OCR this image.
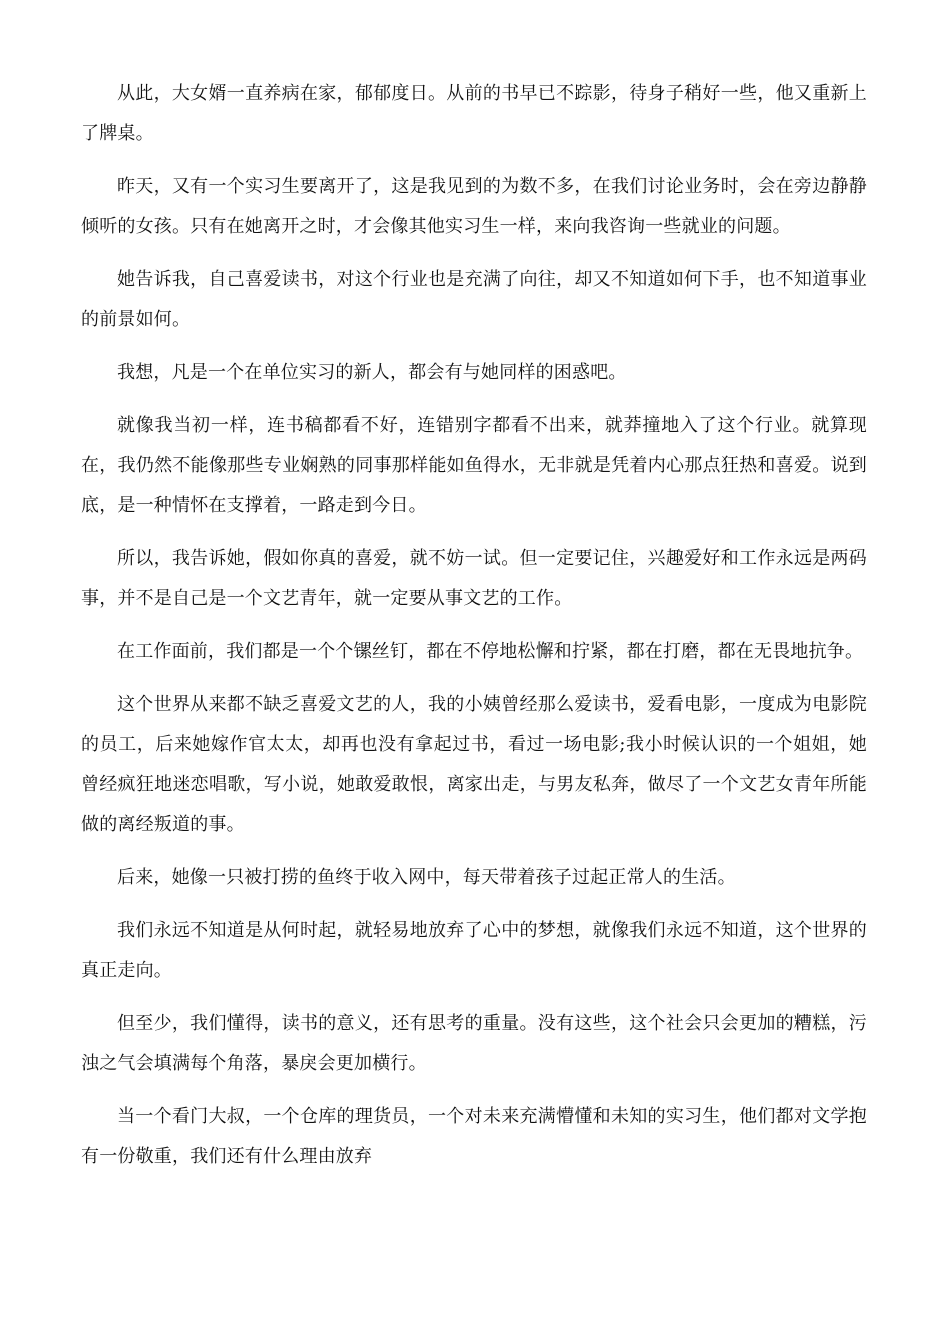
从此，大女婿一直养病在家，郁郁度日。从前的书早已不踪影，待身子稍好一些，他又重新上了牌桌。

昨天，又有一个实习生要离开了，这是我见到的为数不多，在我们讨论业务时，会在旁边静静倾听的女孩。只有在她离开之时，才会像其他实习生一样，来向我咨询一些就业的问题。

她告诉我，自己喜爱读书，对这个行业也是充满了向往，却又不知道如何下手，也不知道事业的前景如何。

我想，凡是一个在单位实习的新人，都会有与她同样的困惑吧。

就像我当初一样，连书稿都看不好，连错别字都看不出来，就莽撞地入了这个行业。就算现在，我仍然不能像那些专业娴熟的同事那样能如鱼得水，无非就是凭着内心那点狂热和喜爱。说到底，是一种情怀在支撑着，一路走到今日。

所以，我告诉她，假如你真的喜爱，就不妨一试。但一定要记住，兴趣爱好和工作永远是两码事，并不是自己是一个文艺青年，就一定要从事文艺的工作。

在工作面前，我们都是一个个镙丝钉，都在不停地松懈和拧紧，都在打磨，都在无畏地抗争。

这个世界从来都不缺乏喜爱文艺的人，我的小姨曾经那么爱读书，爱看电影，一度成为电影院的员工，后来她嫁作官太太，却再也没有拿起过书，看过一场电影;我小时候认识的一个姐姐，她曾经疯狂地迷恋唱歌，写小说，她敢爱敢恨，离家出走，与男友私奔，做尽了一个文艺女青年所能做的离经叛道的事。

后来，她像一只被打捞的鱼终于收入网中，每天带着孩子过起正常人的生活。

我们永远不知道是从何时起，就轻易地放弃了心中的梦想，就像我们永远不知道，这个世界的真正走向。

但至少，我们懂得，读书的意义，还有思考的重量。没有这些，这个社会只会更加的糟糕，污浊之气会填满每个角落，暴戾会更加横行。

当一个看门大叔，一个仓库的理货员，一个对未来充满懵懂和未知的实习生，他们都对文学抱有一份敬重，我们还有什么理由放弃
